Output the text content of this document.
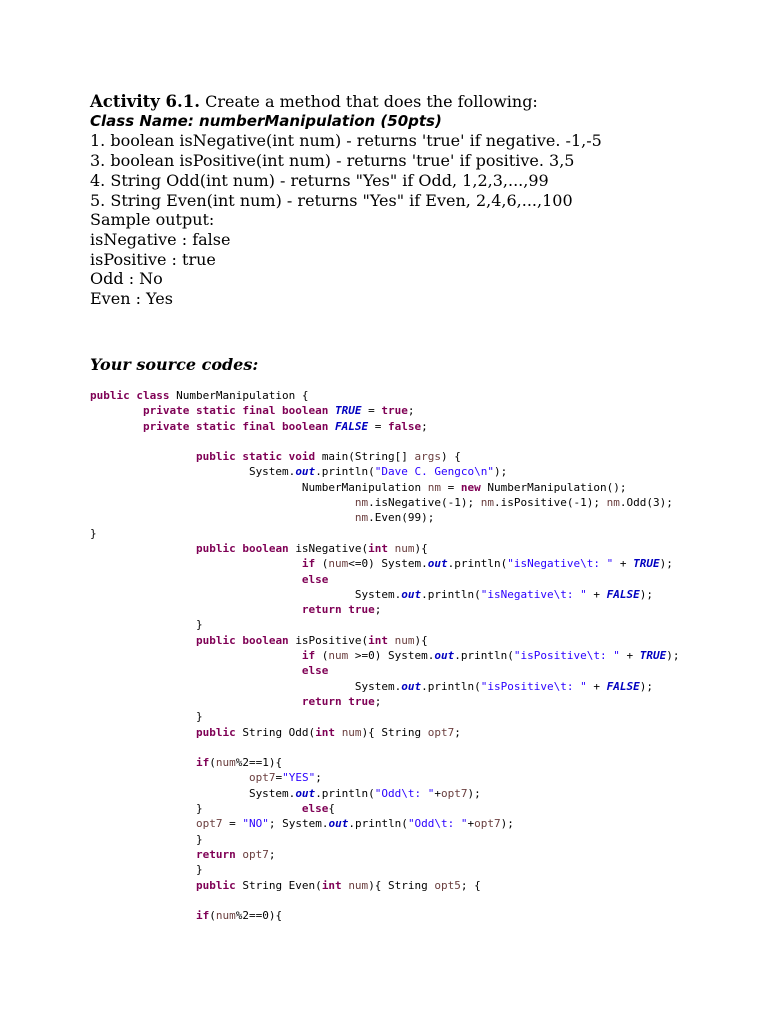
Activity 6.1. Create a method that does the following:
Class Name: numberManipulation (50pts)
1. boolean isNegative(int num) - returns 'true' if negative. -1,-5
3. boolean isPositive(int num) - returns 'true' if positive. 3,5
4. String Odd(int num) - returns "Yes" if Odd, 1,2,3,...,99
5. String Even(int num) - returns "Yes" if Even, 2,4,6,...,100
Sample output:
isNegative : false
isPositive : true
Odd : No
Even : Yes
Your source codes:
public class NumberManipulation {
private static final boolean TRUE = true;
private static final boolean FALSE = false;
public static void main(String[] args) {
System.out.println("Dave C. Gengco\n");
NumberManipulation nm = new NumberManipulation();
nm.isNegative(-1); nm.isPositive(-1); nm.Odd(3);
nm.Even(99);
}
public boolean isNegative(int num){
if (num<=0) System.out.println("isNegative\t: " + TRUE);
else
System.out.println("isNegative\t: " + FALSE);
return true;
}
public boolean isPositive(int num){
if (num >=0) System.out.println("isPositive\t: " + TRUE);
else
System.out.println("isPositive\t: " + FALSE);
return true;
}
public String Odd(int num){ String opt7;
if(num%2==1){
opt7="YES";
System.out.println("Odd\t: "+opt7);
}               else{
opt7 = "NO"; System.out.println("Odd\t: "+opt7);
}
return opt7;
}
public String Even(int num){ String opt5; {
if(num%2==0){
